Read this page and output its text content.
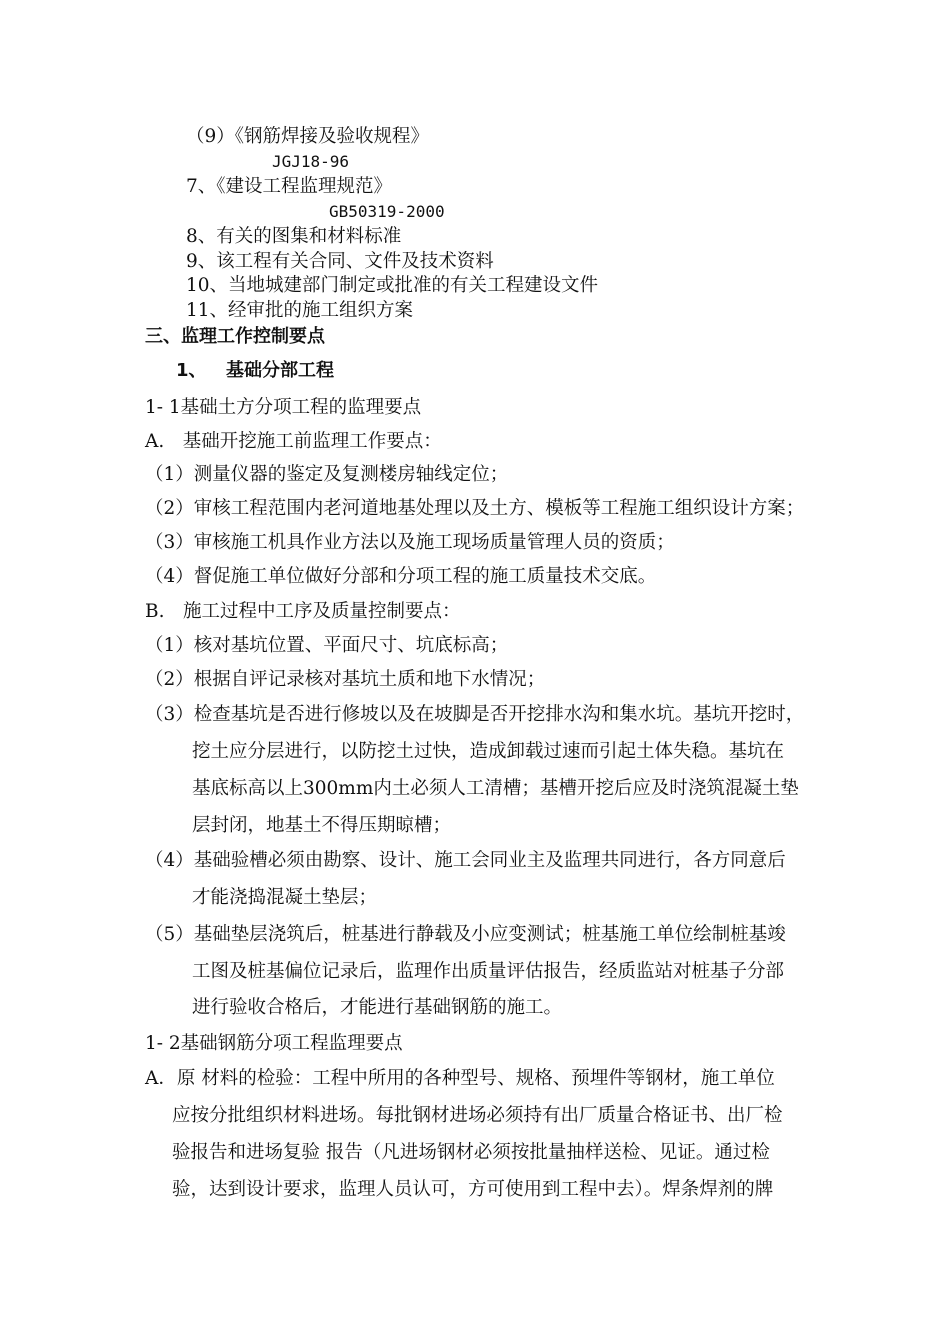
（9）《钢筋焊接及验收规程》
JGJ18-96
7、《建设工程监理规范》
GB50319-2000
8、有关的图集和材料标准
9、该工程有关合同、文件及技术资料
10、当地城建部门制定或批准的有关工程建设文件
11、经审批的施工组织方案
三、监理工作控制要点
1、 基础分部工程
1- 1基础土方分项工程的监理要点
A.　基础开挖施工前监理工作要点：
（1）测量仪器的鉴定及复测楼房轴线定位；
（2）审核工程范围内老河道地基处理以及土方、模板等工程施工组织设计方案；
（3）审核施工机具作业方法以及施工现场质量管理人员的资质；
（4）督促施工单位做好分部和分项工程的施工质量技术交底。
B.　施工过程中工序及质量控制要点：
（1）核对基坑位置、平面尺寸、坑底标高；
（2）根据自评记录核对基坑土质和地下水情况；
（3）检查基坑是否进行修坡以及在坡脚是否开挖排水沟和集水坑。基坑开挖时，
挖土应分层进行，以防挖土过快，造成卸载过速而引起土体失稳。基坑在
基底标高以上300mm内土必须人工清槽；基槽开挖后应及时浇筑混凝土垫
层封闭，地基土不得压期晾槽；
（4）基础验槽必须由勘察、设计、施工会同业主及监理共同进行，各方同意后
才能浇捣混凝土垫层；
（5）基础垫层浇筑后，桩基进行静载及小应变测试；桩基施工单位绘制桩基竣
工图及桩基偏位记录后，监理作出质量评估报告，经质监站对桩基子分部
进行验收合格后，才能进行基础钢筋的施工。
1- 2基础钢筋分项工程监理要点
A．原 材料的检验：工程中所用的各种型号、规格、预埋件等钢材，施工单位
应按分批组织材料进场。每批钢材进场必须持有出厂质量合格证书、出厂检
验报告和进场复验 报告（凡进场钢材必须按批量抽样送检、见证。通过检
验，达到设计要求，监理人员认可，方可使用到工程中去）。焊条焊剂的牌
